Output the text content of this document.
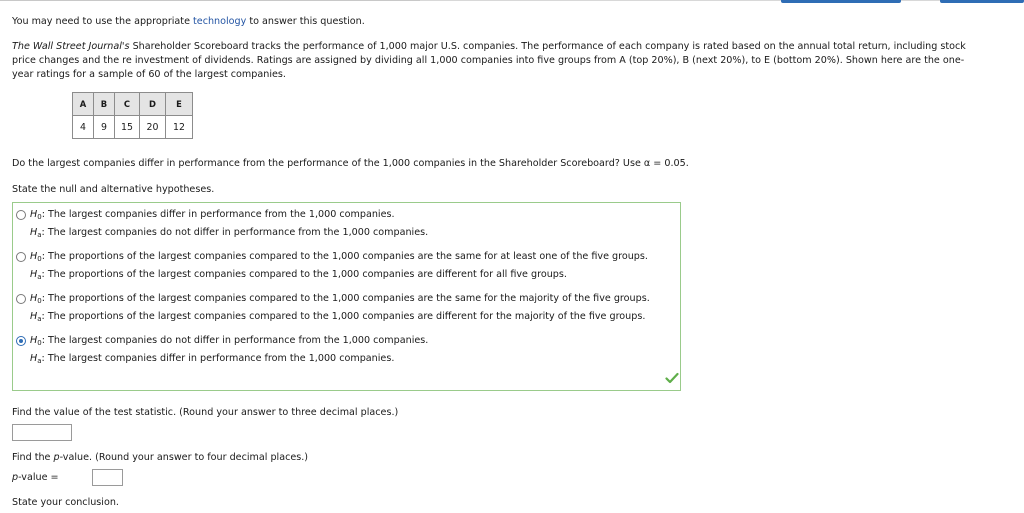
You may need to use the appropriate technology to answer this question.
The Wall Street Journal's Shareholder Scoreboard tracks the performance of 1,000 major U.S. companies. The performance of each company is rated based on the annual total return, including stock
price changes and the re investment of dividends. Ratings are assigned by dividing all 1,000 companies into five groups from A (top 20%), B (next 20%), to E (bottom 20%). Shown here are the one-
year ratings for a sample of 60 of the largest companies.
A	B	C	D	E
4	9	15	20	12
Do the largest companies differ in performance from the performance of the 1,000 companies in the Shareholder Scoreboard? Use α = 0.05.
State the null and alternative hypotheses.
$H_0$: The largest companies differ in performance from the 1,000 companies.
$H_a$: The largest companies do not differ in performance from the 1,000 companies.
$H_0$: The proportions of the largest companies compared to the 1,000 companies are the same for at least one of the five groups.
$H_a$: The proportions of the largest companies compared to the 1,000 companies are different for all five groups.
$H_0$: The proportions of the largest companies compared to the 1,000 companies are the same for the majority of the five groups.
$H_a$: The proportions of the largest companies compared to the 1,000 companies are different for the majority of the five groups.
$H_0$: The largest companies do not differ in performance from the 1,000 companies.
$H_a$: The largest companies differ in performance from the 1,000 companies.
Find the value of the test statistic. (Round your answer to three decimal places.)
Find the p-value. (Round your answer to four decimal places.)
p-value =
State your conclusion.
